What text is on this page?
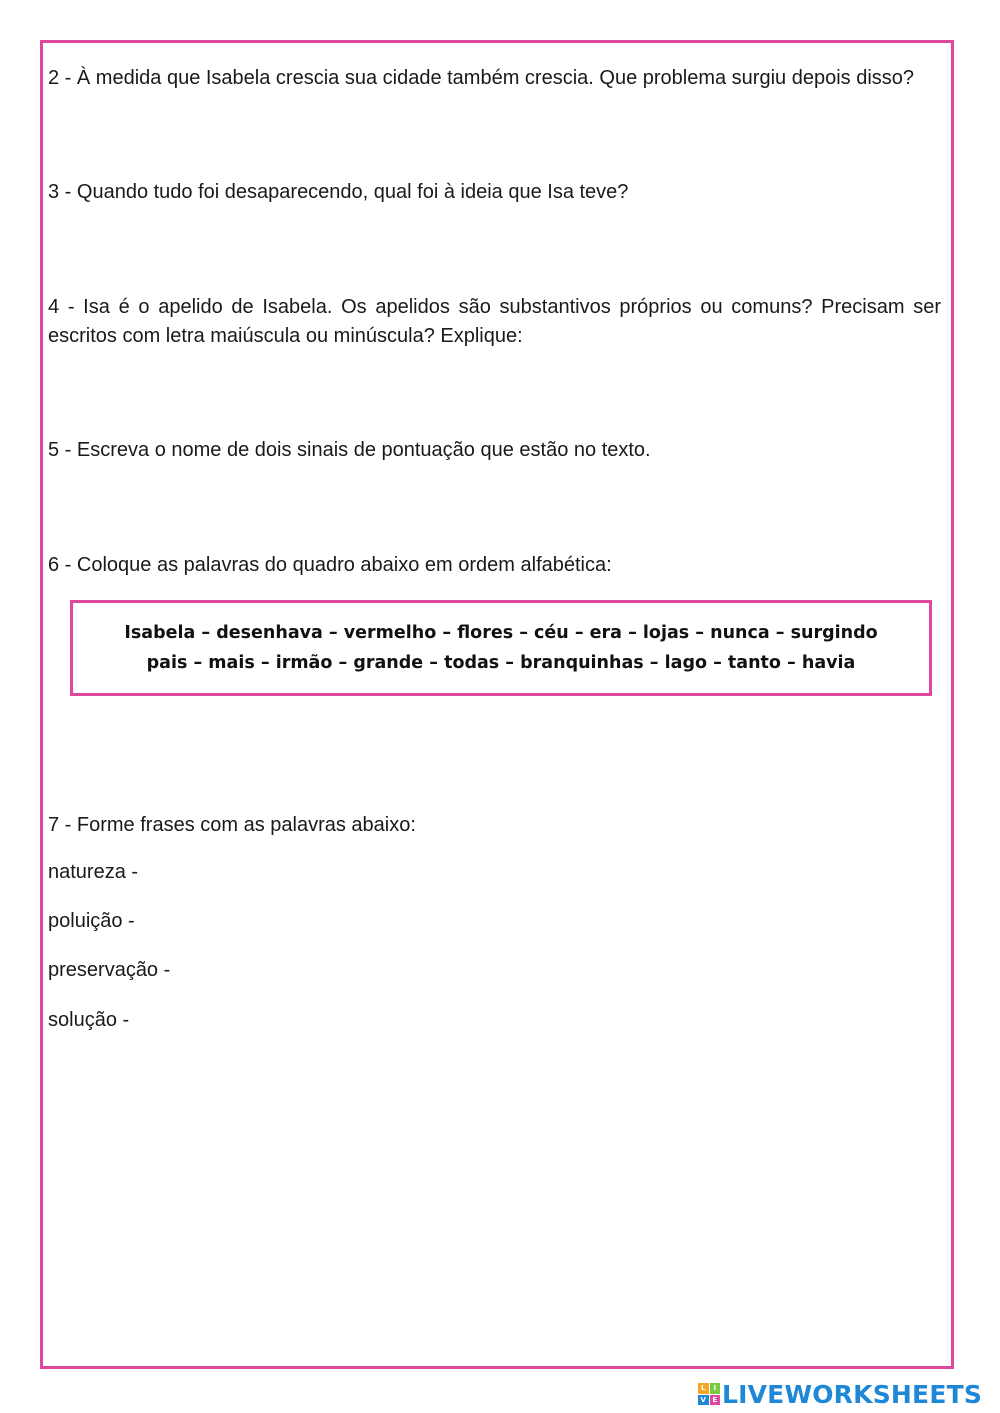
2 - À medida que Isabela crescia sua cidade também crescia. Que problema surgiu depois disso?
3 - Quando tudo foi desaparecendo, qual foi à ideia que Isa teve?
4 - Isa é o apelido de Isabela. Os apelidos são substantivos próprios ou comuns? Precisam ser escritos com letra maiúscula ou minúscula? Explique:
5 - Escreva o nome de dois sinais de pontuação que estão no texto.
6 - Coloque as palavras do quadro abaixo em ordem alfabética:
Isabela – desenhava – vermelho – flores – céu – era – lojas – nunca – surgindo
pais – mais – irmão – grande – todas – branquinhas – lago – tanto – havia
7 - Forme frases com as palavras abaixo:
natureza -
poluição -
preservação -
solução -
L	I
V E LIVEWORKSHEETS
